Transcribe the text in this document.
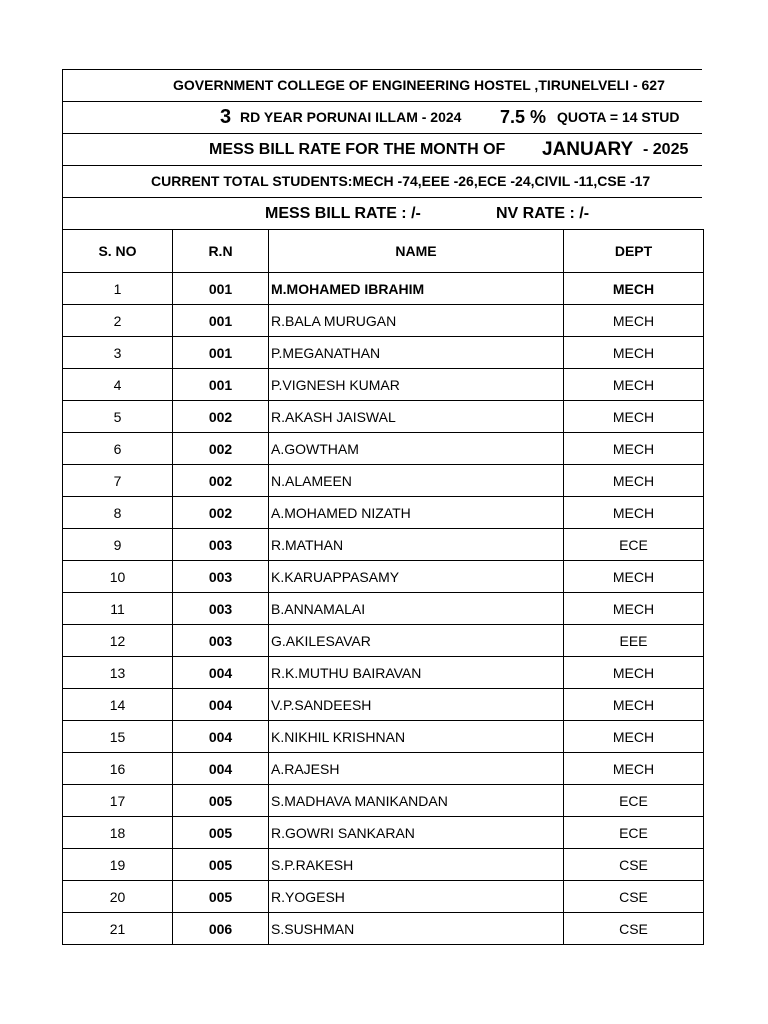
GOVERNMENT COLLEGE OF ENGINEERING HOSTEL ,TIRUNELVELI - 627
3 RD YEAR PORUNAI ILLAM - 2024 7.5 % QUOTA = 14 STUD
MESS BILL RATE FOR THE MONTH OF JANUARY - 2025
CURRENT TOTAL STUDENTS:MECH -74,EEE -26,ECE -24,CIVIL -11,CSE -17
MESS BILL RATE : /-	NV RATE : /-
S. NO	R.N	NAME	DEPT
1	001	M.MOHAMED IBRAHIM	MECH
2	001	R.BALA MURUGAN	MECH
3	001	P.MEGANATHAN	MECH
4	001	P.VIGNESH KUMAR	MECH
5	002	R.AKASH JAISWAL	MECH
6	002	A.GOWTHAM	MECH
7	002	N.ALAMEEN	MECH
8	002	A.MOHAMED NIZATH	MECH
9	003	R.MATHAN	ECE
10	003	K.KARUAPPASAMY	MECH
11	003	B.ANNAMALAI	MECH
12	003	G.AKILESAVAR	EEE
13	004	R.K.MUTHU BAIRAVAN	MECH
14	004	V.P.SANDEESH	MECH
15	004	K.NIKHIL KRISHNAN	MECH
16	004	A.RAJESH	MECH
17	005	S.MADHAVA MANIKANDAN	ECE
18	005	R.GOWRI SANKARAN	ECE
19	005	S.P.RAKESH	CSE
20	005	R.YOGESH	CSE
21	006	S.SUSHMAN	CSE
